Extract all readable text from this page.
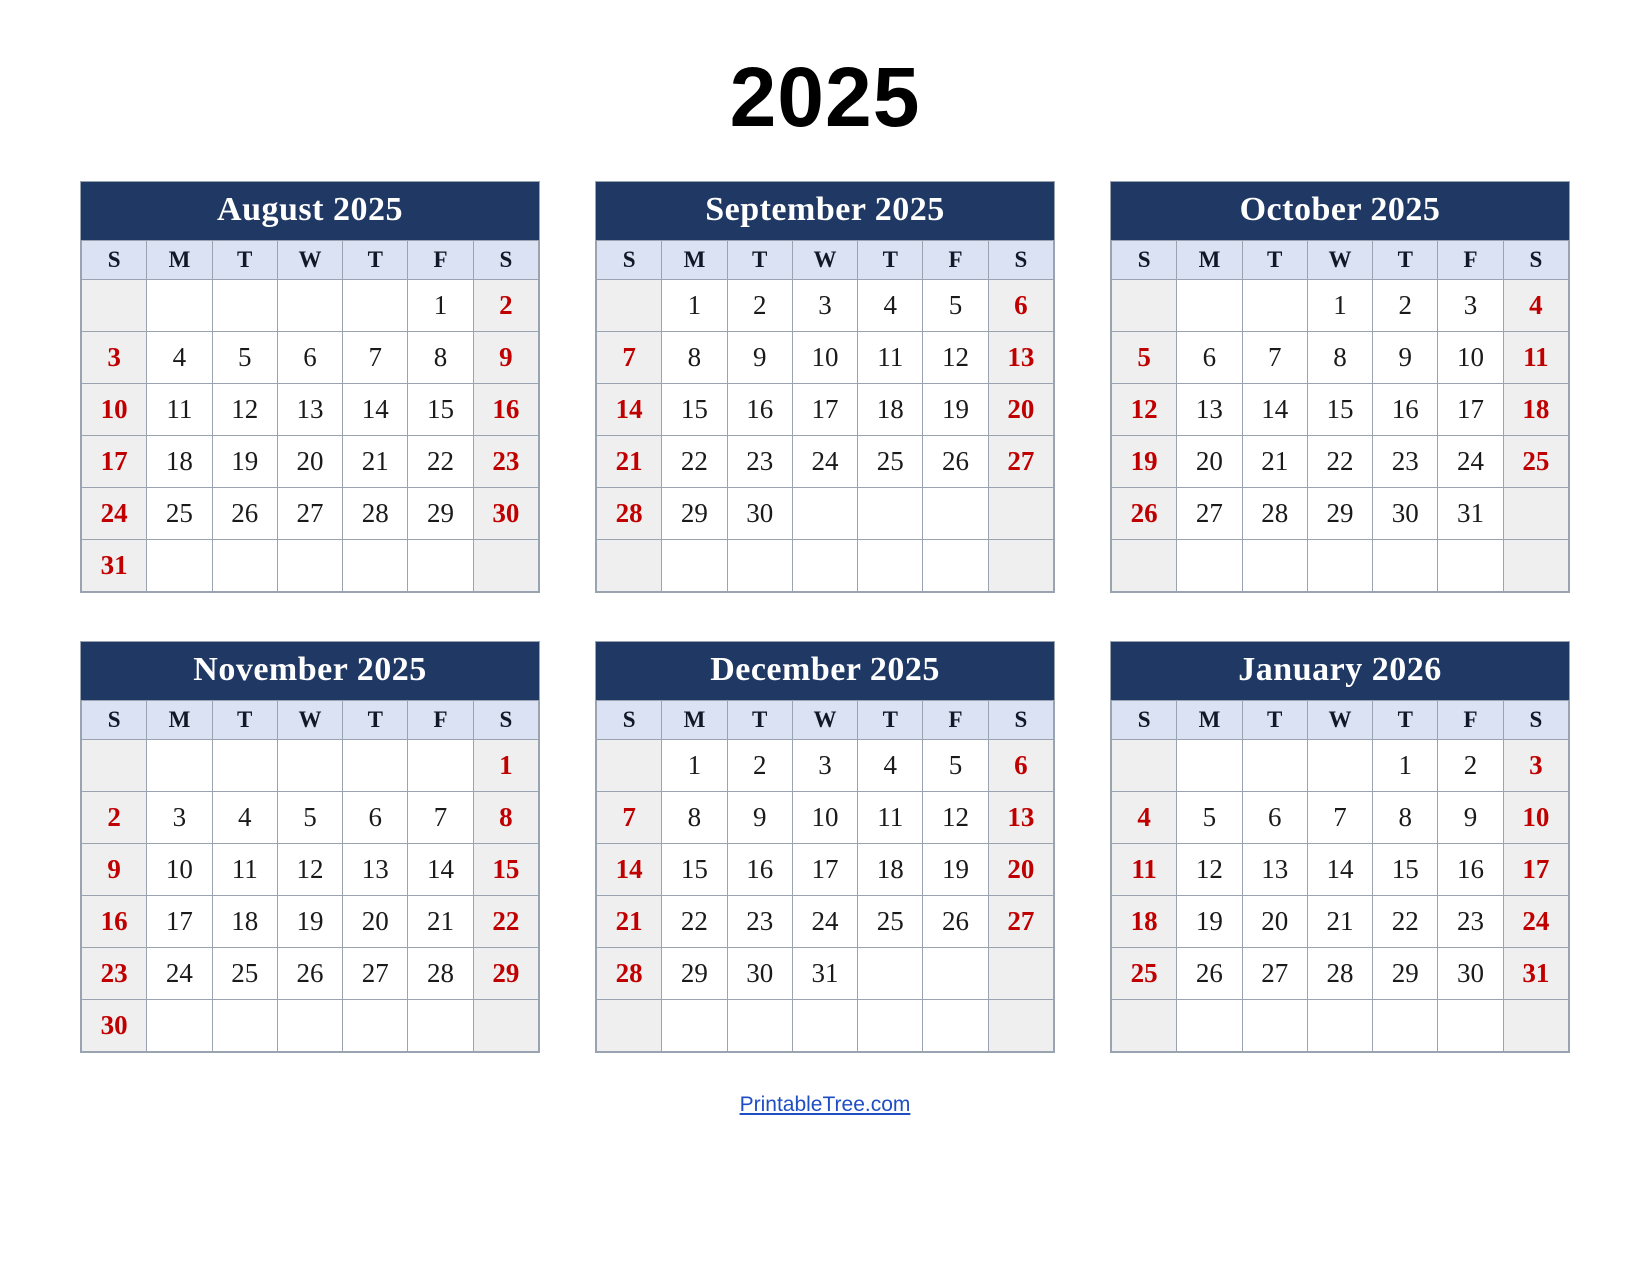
2025
August 2025
S	M	T	W	T	F	S
					1	2
3	4	5	6	7	8	9
10	11	12	13	14	15	16
17	18	19	20	21	22	23
24	25	26	27	28	29	30
31						
September 2025
S	M	T	W	T	F	S
	1	2	3	4	5	6
7	8	9	10	11	12	13
14	15	16	17	18	19	20
21	22	23	24	25	26	27
28	29	30				

October 2025
S	M	T	W	T	F	S
			1	2	3	4
5	6	7	8	9	10	11
12	13	14	15	16	17	18
19	20	21	22	23	24	25
26	27	28	29	30	31	

November 2025
S	M	T	W	T	F	S
						1
2	3	4	5	6	7	8
9	10	11	12	13	14	15
16	17	18	19	20	21	22
23	24	25	26	27	28	29
30						
December 2025
S	M	T	W	T	F	S
	1	2	3	4	5	6
7	8	9	10	11	12	13
14	15	16	17	18	19	20
21	22	23	24	25	26	27
28	29	30	31			

January 2026
S	M	T	W	T	F	S
				1	2	3
4	5	6	7	8	9	10
11	12	13	14	15	16	17
18	19	20	21	22	23	24
25	26	27	28	29	30	31

PrintableTree.com
